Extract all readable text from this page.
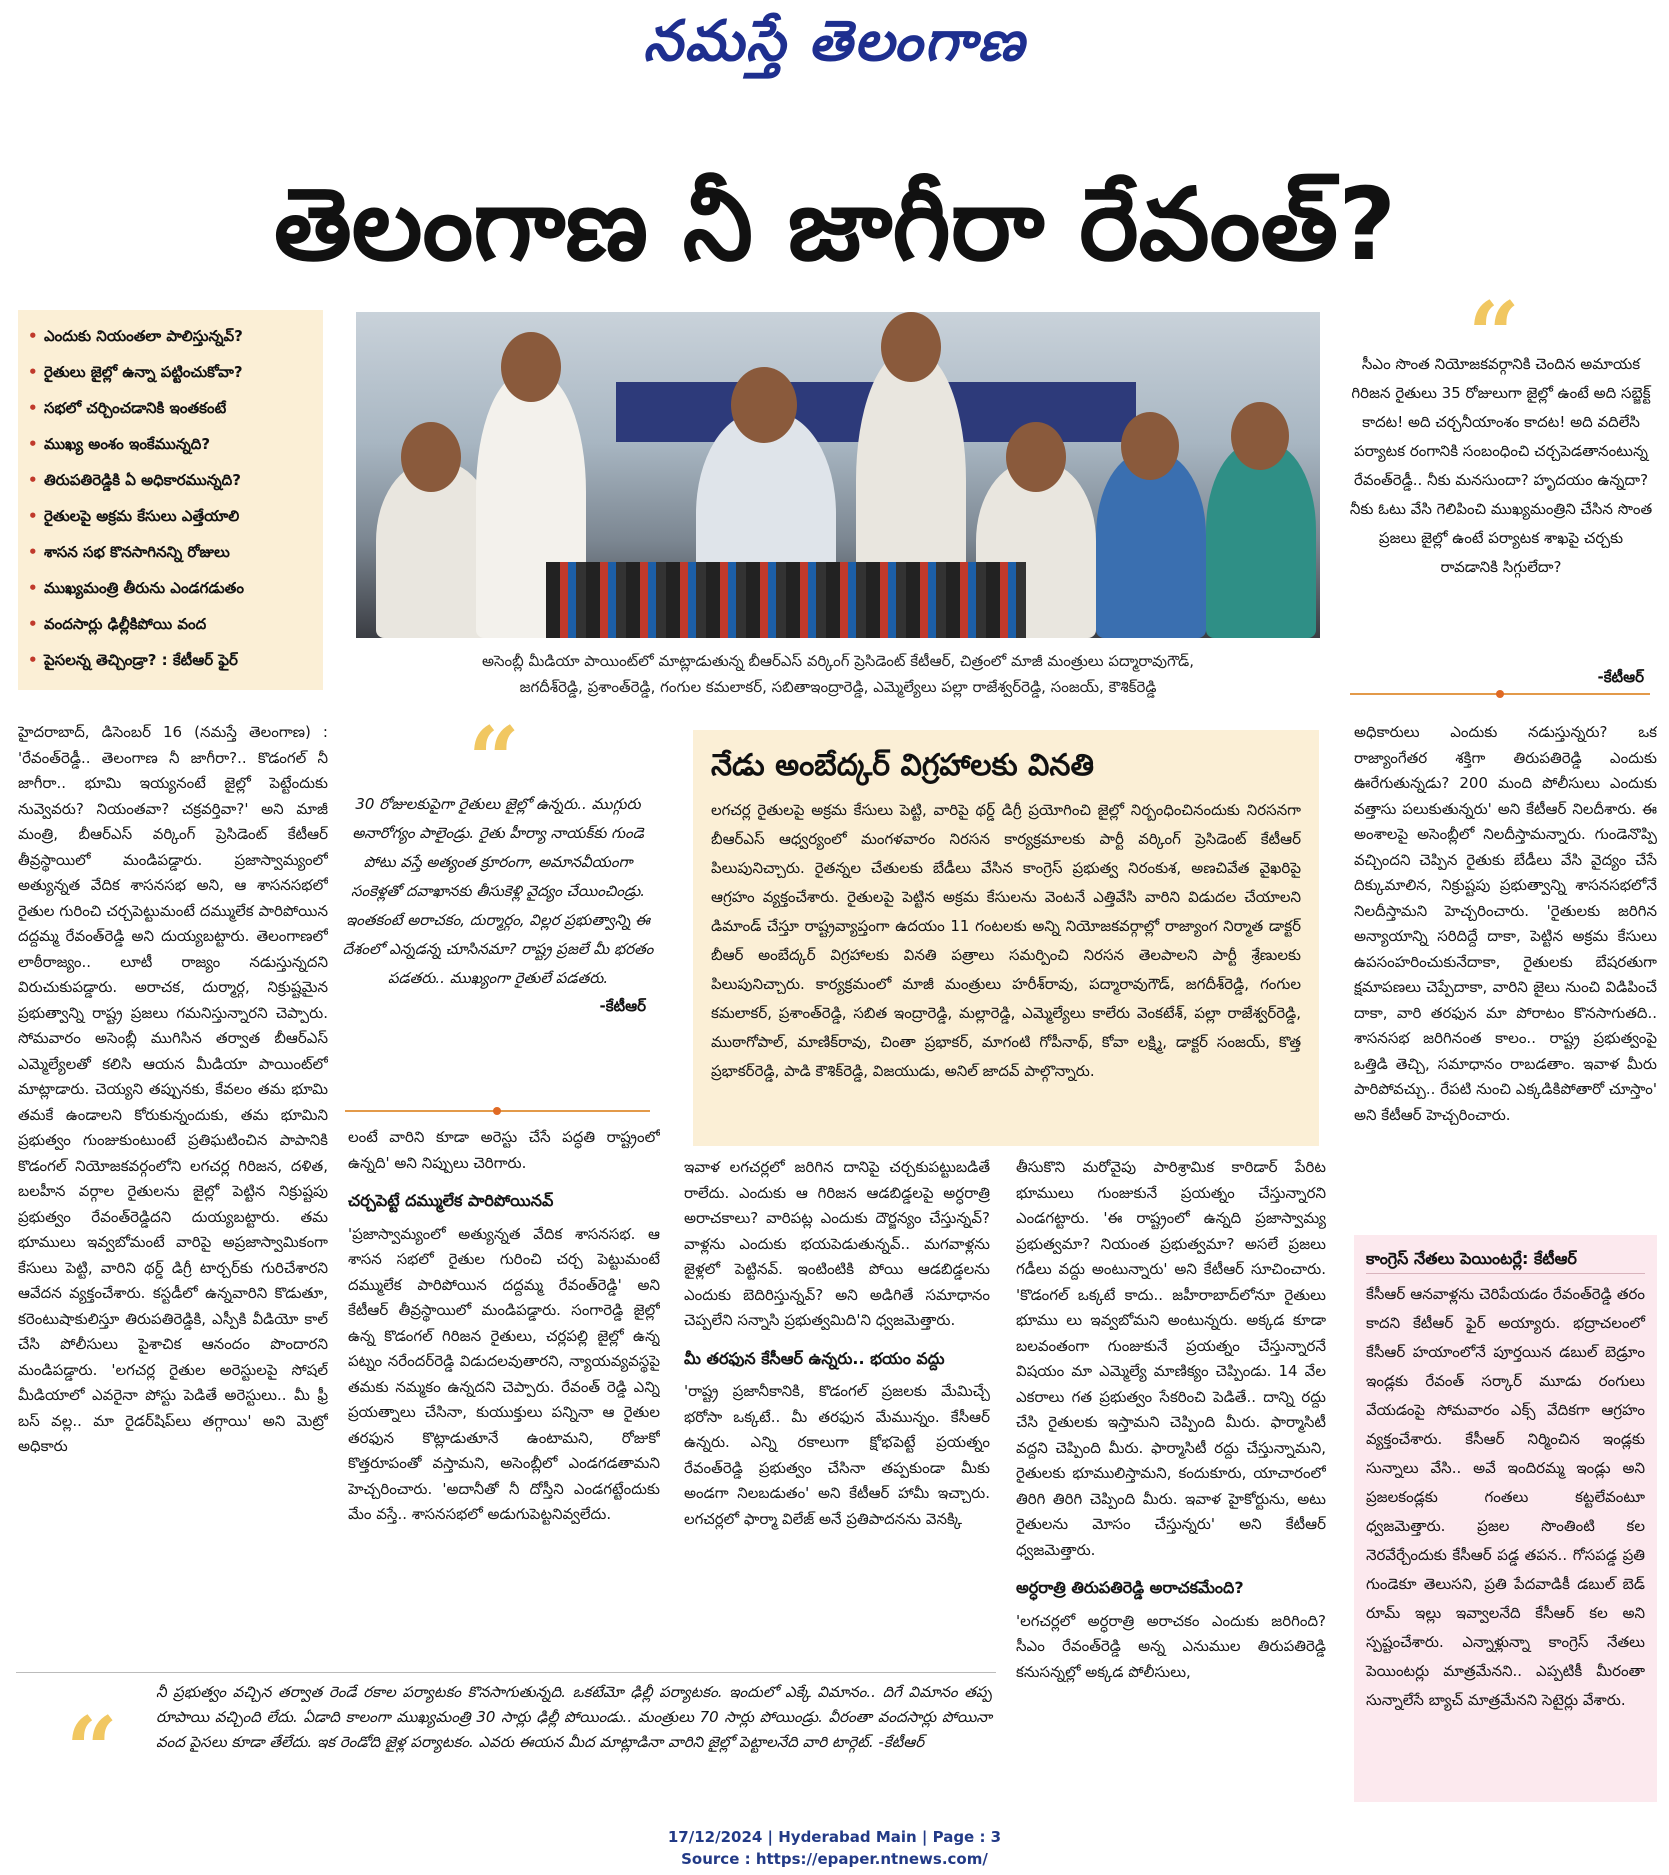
నమస్తే తెలంగాణ
తెలంగాణ నీ జాగీరా రేవంత్?
• ఎందుకు నియంతలా పాలిస్తున్నవ్?
• రైతులు జైల్లో ఉన్నా పట్టించుకోవా?
• సభలో చర్చించడానికి ఇంతకంటే
• ముఖ్య అంశం ఇంకేమున్నది?
• తిరుపతిరెడ్డికి ఏ అధికారమున్నది?
• రైతులపై అక్రమ కేసులు ఎత్తేయాలి
• శాసన సభ కొనసాగినన్ని రోజులు
• ముఖ్యమంత్రి తీరును ఎండగడుతం
• వందసార్లు ఢిల్లీకిపోయి వంద
• పైసలన్న తెచ్చిండ్రా? : కేటీఆర్ ఫైర్	అసెంబ్లీ మీడియా పాయింట్‌లో మాట్లాడుతున్న బీఆర్‌ఎస్ వర్కింగ్ ప్రెసిడెంట్ కేటీఆర్, చిత్రంలో మాజీ మంత్రులు పద్మారావుగౌడ్,
జగదీశ్‌రెడ్డి, ప్రశాంత్‌రెడ్డి, గంగుల కమలాకర్, సబితాఇంద్రారెడ్డి, ఎమ్మెల్యేలు పల్లా రాజేశ్వర్‌రెడ్డి, సంజయ్, కౌశిక్‌రెడ్డి
“

సీఎం సొంత నియోజకవర్గానికి చెందిన అమాయక గిరిజన రైతులు 35 రోజులుగా జైల్లో ఉంటే అది సబ్జెక్ట్ కాదట! అది చర్చనీయాంశం కాదట! అది వదిలేసి పర్యాటక రంగానికి సంబంధించి చర్చపెడతానంటున్న రేవంత్‌రెడ్డీ.. నీకు మనసుందా? హృదయం ఉన్నదా? నీకు ఓటు వేసి గెలిపించి ముఖ్యమంత్రిని చేసిన సొంత ప్రజలు జైల్లో ఉంటే పర్యాటక శాఖపై చర్చకు రావడానికి సిగ్గులేదా?

-కేటీఆర్

హైదరాబాద్, డిసెంబర్ 16 (నమస్తే తెలంగాణ) : 'రేవంత్‌రెడ్డీ.. తెలంగాణ నీ జాగీరా?.. కొడంగల్ నీ జాగీరా.. భూమి ఇయ్యనంటే జైల్లో పెట్టేందుకు నువ్వెవరు? నియంతవా? చక్రవర్తివా?' అని మాజీ మంత్రి, బీఆర్‌ఎస్ వర్కింగ్ ప్రెసిడెంట్ కేటీఆర్ తీవ్రస్థాయిలో మండిపడ్డారు. ప్రజాస్వామ్యంలో అత్యున్నత వేదిక శాసనసభ అని, ఆ శాసనసభలో రైతుల గురించి చర్చపెట్టుమంటే దమ్ములేక పారిపోయిన దద్దమ్మ రేవంత్‌రెడ్డి అని దుయ్యబట్టారు. తెలంగాణలో లాఠీరాజ్యం.. లూటీ రాజ్యం నడుస్తున్నదని విరుచుకుపడ్డారు. అరాచక, దుర్మార్గ, నిక్రుష్టమైన ప్రభుత్వాన్ని రాష్ట్ర ప్రజలు గమనిస్తున్నారని చెప్పారు. సోమవారం అసెంబ్లీ ముగిసిన తర్వాత బీఆర్‌ఎస్ ఎమ్మెల్యేలతో కలిసి ఆయన మీడియా పాయింట్‌లో మాట్లాడారు. చెయ్యని తప్పునకు, కేవలం తమ భూమి తమకే ఉండాలని కోరుకున్నందుకు, తమ భూమిని ప్రభుత్వం గుంజుకుంటుంటే ప్రతిఘటించిన పాపానికి కొడంగల్ నియోజకవర్గంలోని లగచర్ల గిరిజన, దళిత, బలహీన వర్గాల రైతులను జైల్లో పెట్టిన నిక్రుష్టపు ప్రభుత్వం రేవంత్‌రెడ్డిదని దుయ్యబట్టారు. తమ భూములు ఇవ్వబోమంటే వారిపై అప్రజాస్వామికంగా కేసులు పెట్టి, వారిని థర్డ్ డిగ్రీ టార్చర్‌కు గురిచేశారని ఆవేదన వ్యక్తంచేశారు. కస్టడీలో ఉన్నవారిని కొడుతూ, కరెంటుషాకులిస్తూ తిరుపతిరెడ్డికి, ఎస్పీకి వీడియో కాల్ చేసి పోలీసులు పైశాచిక ఆనందం పొందారని మండిపడ్డారు. 'లగచర్ల రైతుల అరెస్టులపై సోషల్ మీడియాలో ఎవరైనా పోస్టు పెడితే అరెస్టులు.. మీ ఫ్రీ బస్ వల్ల.. మా రైడర్‌షిప్‌లు తగ్గాయి' అని మెట్రో అధికారు

“

30 రోజులకుపైగా రైతులు జైల్లో ఉన్నరు.. ముగ్గురు అనారోగ్యం పాలైండ్రు. రైతు హీర్యా నాయక్‌కు గుండె పోటు వస్తే అత్యంత క్రూరంగా, అమానవీయంగా సంకెళ్లతో దవాఖానకు తీసుకెళ్లి వైద్యం చేయించిండ్రు. ఇంతకంటే అరాచకం, దుర్మార్గం, విల్లర ప్రభుత్వాన్ని ఈ దేశంలో ఎన్నడన్న చూసినమా? రాష్ట్ర ప్రజలే మీ భరతం పడతరు.. ముఖ్యంగా రైతులే పడతరు.

-కేటీఆర్

లంటే వారిని కూడా అరెస్టు చేసే పద్ధతి రాష్ట్రంలో ఉన్నది' అని నిప్పులు చెరిగారు.

చర్చపెట్టే దమ్ములేక పారిపోయినవ్

'ప్రజాస్వామ్యంలో అత్యున్నత వేదిక శాసనసభ. ఆ శాసన సభలో రైతుల గురించి చర్చ పెట్టుమంటే దమ్ములేక పారిపోయిన దద్దమ్మ రేవంత్‌రెడ్డి' అని కేటీఆర్ తీవ్రస్థాయిలో మండిపడ్డారు. సంగారెడ్డి జైల్లో ఉన్న కొడంగల్ గిరిజన రైతులు, చర్లపల్లి జైల్లో ఉన్న పట్నం నరేందర్‌రెడ్డి విడుదలవుతారని, న్యాయవ్యవస్థపై తమకు నమ్మకం ఉన్నదని చెప్పారు. రేవంత్ రెడ్డి ఎన్ని ప్రయత్నాలు చేసినా, కుయుక్తులు పన్నినా ఆ రైతుల తరఫున కొట్లాడుతూనే ఉంటామని, రోజుకో కొత్తరూపంతో వస్తామని, అసెంబ్లీలో ఎండగడతామని హెచ్చరించారు. 'అదానీతో నీ దోస్తీని ఎండగట్టేందుకు మేం వస్తే.. శాసనసభలో అడుగుపెట్టనివ్వలేదు.

నేడు అంబేద్కర్ విగ్రహాలకు వినతి

లగచర్ల రైతులపై అక్రమ కేసులు పెట్టి, వారిపై థర్డ్ డిగ్రీ ప్రయోగించి జైల్లో నిర్బంధించినందుకు నిరసనగా బీఆర్‌ఎస్ ఆధ్వర్యంలో మంగళవారం నిరసన కార్యక్రమాలకు పార్టీ వర్కింగ్ ప్రెసిడెంట్ కేటీఆర్ పిలుపునిచ్చారు. రైతన్నల చేతులకు బేడీలు వేసిన కాంగ్రెస్ ప్రభుత్వ నిరంకుశ, అణచివేత వైఖరిపై ఆగ్రహం వ్యక్తంచేశారు. రైతులపై పెట్టిన అక్రమ కేసులను వెంటనే ఎత్తివేసి వారిని విడుదల చేయాలని డిమాండ్ చేస్తూ రాష్ట్రవ్యాప్తంగా ఉదయం 11 గంటలకు అన్ని నియోజకవర్గాల్లో రాజ్యాంగ నిర్మాత డాక్టర్ బీఆర్ అంబేద్కర్ విగ్రహాలకు వినతి పత్రాలు సమర్పించి నిరసన తెలపాలని పార్టీ శ్రేణులకు పిలుపునిచ్చారు. కార్యక్రమంలో మాజీ మంత్రులు హరీశ్‌రావు, పద్మారావుగౌడ్, జగదీశ్‌రెడ్డి, గంగుల కమలాకర్, ప్రశాంత్‌రెడ్డి, సబిత ఇంద్రారెడ్డి, మల్లారెడ్డి, ఎమ్మెల్యేలు కాలేరు వెంకటేశ్, పల్లా రాజేశ్వర్‌రెడ్డి, ముఠాగోపాల్, మాణిక్‌రావు, చింతా ప్రభాకర్, మాగంటి గోపీనాథ్, కోవా లక్ష్మి, డాక్టర్ సంజయ్, కొత్త ప్రభాకర్‌రెడ్డి, పాడి కౌశిక్‌రెడ్డి, విజయుడు, అనిల్ జాదవ్ పాల్గొన్నారు.

ఇవాళ లగచర్లలో జరిగిన దానిపై చర్చకుపట్టుబడితే రాలేదు. ఎందుకు ఆ గిరిజన ఆడబిడ్డలపై అర్ధరాత్రి అరాచకాలు? వారిపట్ల ఎందుకు దౌర్జన్యం చేస్తున్నవ్? వాళ్లను ఎందుకు భయపెడుతున్నవ్.. మగవాళ్లను జైళ్లలో పెట్టినవ్. ఇంటింటికి పోయి ఆడబిడ్డలను ఎందుకు బెదిరిస్తున్నవ్? అని అడిగితే సమాధానం చెప్పలేని సన్నాసి ప్రభుత్వమిది'ని ధ్వజమెత్తారు.

మీ తరఫున కేసీఆర్ ఉన్నరు.. భయం వద్దు

'రాష్ట్ర ప్రజానీకానికి, కొడంగల్ ప్రజలకు మేమిచ్చే భరోసా ఒక్కటే.. మీ తరఫున మేమున్నం. కేసీఆర్ ఉన్నరు. ఎన్ని రకాలుగా క్షోభపెట్టే ప్రయత్నం రేవంత్‌రెడ్డి ప్రభుత్వం చేసినా తప్పకుండా మీకు అండగా నిలబడుతం' అని కేటీఆర్ హామీ ఇచ్చారు. లగచర్లలో ఫార్మా విలేజ్ అనే ప్రతిపాదనను వెనక్కి

తీసుకొని మరోవైపు పారిశ్రామిక కారిడార్ పేరిట భూములు గుంజుకునే ప్రయత్నం చేస్తున్నారని ఎండగట్టారు. 'ఈ రాష్ట్రంలో ఉన్నది ప్రజాస్వామ్య ప్రభుత్వమా? నియంత ప్రభుత్వమా? అసలే ప్రజలు గడీలు వద్దు అంటున్నారు' అని కేటీఆర్ సూచించారు. 'కొడంగల్ ఒక్కటే కాదు.. జహీరాబాద్‌లోనూ రైతులు భూము లు ఇవ్వబోమని అంటున్నరు. అక్కడ కూడా బలవంతంగా గుంజుకునే ప్రయత్నం చేస్తున్నారనే విషయం మా ఎమ్మెల్యే మాణిక్యం చెప్పిండు. 14 వేల ఎకరాలు గత ప్రభుత్వం సేకరించి పెడితే.. దాన్ని రద్దు చేసి రైతులకు ఇస్తామని చెప్పింది మీరు. ఫార్మాసిటీ వద్దని చెప్పింది మీరు. ఫార్మాసిటీ రద్దు చేస్తున్నామని, రైతులకు భూములిస్తామని, కందుకూరు, యాచారంలో తిరిగి తిరిగి చెప్పింది మీరు. ఇవాళ హైకోర్టును, అటు రైతులను మోసం చేస్తున్నరు' అని కేటీఆర్ ధ్వజమెత్తారు.

అర్ధరాత్రి తిరుపతిరెడ్డి అరాచకమేంది?

'లగచర్లలో అర్ధరాత్రి అరాచకం ఎందుకు జరిగింది? సీఎం రేవంత్‌రెడ్డి అన్న ఎనుముల తిరుపతిరెడ్డి కనుసన్నల్లో అక్కడ పోలీసులు,

అధికారులు ఎందుకు నడుస్తున్నరు? ఒక రాజ్యాంగేతర శక్తిగా తిరుపతిరెడ్డి ఎందుకు ఊరేగుతున్నడు? 200 మంది పోలీసులు ఎందుకు వత్తాసు పలుకుతున్నరు' అని కేటీఆర్ నిలదీశారు. ఈ అంశాలపై అసెంబ్లీలో నిలదీస్తామన్నారు. గుండెనొప్పి వచ్చిందని చెప్పిన రైతుకు బేడీలు వేసి వైద్యం చేసే దిక్కుమాలిన, నిక్రుష్టపు ప్రభుత్వాన్ని శాసనసభలోనే నిలదీస్తామని హెచ్చరించారు. 'రైతులకు జరిగిన అన్యాయాన్ని సరిదిద్దే దాకా, పెట్టిన అక్రమ కేసులు ఉపసంహరించుకునేదాకా, రైతులకు బేషరతుగా క్షమాపణలు చెప్పేదాకా, వారిని జైలు నుంచి విడిపించే దాకా, వారి తరఫున మా పోరాటం కొనసాగుతది.. శాసనసభ జరిగినంత కాలం.. రాష్ట్ర ప్రభుత్వంపై ఒత్తిడి తెచ్చి, సమాధానం రాబడతాం. ఇవాళ మీరు పారిపోవచ్చు.. రేపటి నుంచి ఎక్కడికిపోతారో చూస్తాం' అని కేటీఆర్ హెచ్చరించారు.

కాంగ్రెస్ నేతలు పెయింటర్లే: కేటీఆర్

కేసీఆర్ ఆనవాళ్లను చెరిపేయడం రేవంత్‌రెడ్డి తరం కాదని కేటీఆర్ ఫైర్ అయ్యారు. భద్రాచలంలో కేసీఆర్ హయాంలోనే పూర్తయిన డబుల్ బెడ్రూం ఇండ్లకు రేవంత్ సర్కార్ మూడు రంగులు వేయడంపై సోమవారం ఎక్స్ వేదికగా ఆగ్రహం వ్యక్తంచేశారు. కేసీఆర్ నిర్మించిన ఇండ్లకు సున్నాలు వేసి.. అవే ఇందిరమ్మ ఇండ్లు అని ప్రజలకండ్లకు గంతలు కట్టలేవంటూ ధ్వజమెత్తారు. ప్రజల సొంతింటి కల నెరవేర్చేందుకు కేసీఆర్ పడ్డ తపన.. గోసపడ్డ ప్రతి గుండెకూ తెలుసని, ప్రతి పేదవాడికీ డబుల్ బెడ్ రూమ్ ఇల్లు ఇవ్వాలనేది కేసీఆర్ కల అని స్పష్టంచేశారు. ఎన్నాళ్లున్నా కాంగ్రెస్ నేతలు పెయింటర్లు మాత్రమేనని.. ఎప్పటికీ మీరంతా సున్నాలేసే బ్యాచ్ మాత్రమేనని సెటైర్లు వేశారు.

“

నీ ప్రభుత్వం వచ్చిన తర్వాత రెండే రకాల పర్యాటకం కొనసాగుతున్నది. ఒకటేమో ఢిల్లీ పర్యాటకం. ఇందులో ఎక్కే విమానం.. దిగే విమానం తప్ప రూపాయి వచ్చింది లేదు. ఏడాది కాలంగా ముఖ్యమంత్రి 30 సార్లు ఢిల్లీ పోయిండు.. మంత్రులు 70 సార్లు పోయిండ్రు. వీరంతా వందసార్లు పోయినా వంద పైసలు కూడా తేలేదు. ఇక రెండోది జైళ్ల పర్యాటకం. ఎవరు ఈయన మీద మాట్లాడినా వారిని జైల్లో పెట్టాలనేది వారి టార్గెట్. -కేటీఆర్

17/12/2024 | Hyderabad Main | Page : 3
Source : https://epaper.ntnews.com/
